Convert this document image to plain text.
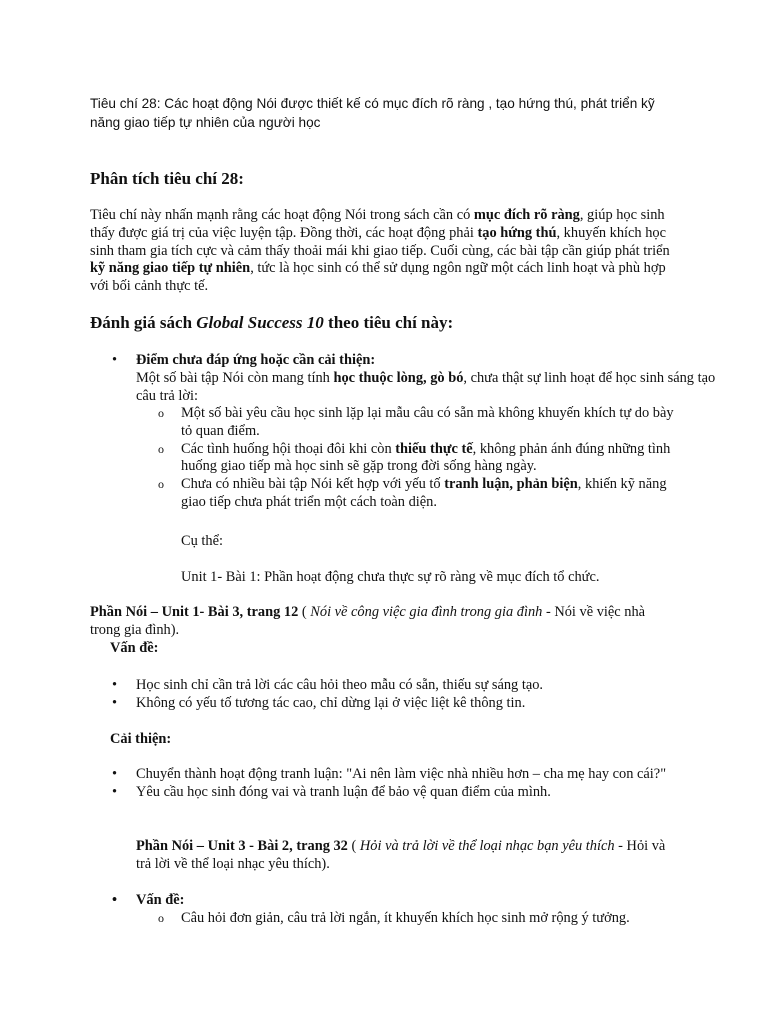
Tiêu chí 28: Các hoạt động Nói được thiết kế có mục đích rõ ràng , tạo hứng thú, phát triển kỹ năng giao tiếp tự nhiên của người học
Phân tích tiêu chí 28:
Tiêu chí này nhấn mạnh rằng các hoạt động Nói trong sách cần có mục đích rõ ràng, giúp học sinh thấy được giá trị của việc luyện tập. Đồng thời, các hoạt động phải tạo hứng thú, khuyến khích học sinh tham gia tích cực và cảm thấy thoải mái khi giao tiếp. Cuối cùng, các bài tập cần giúp phát triển kỹ năng giao tiếp tự nhiên, tức là học sinh có thể sử dụng ngôn ngữ một cách linh hoạt và phù hợp với bối cảnh thực tế.
Đánh giá sách Global Success 10 theo tiêu chí này:
• Điểm chưa đáp ứng hoặc cần cải thiện:
Một số bài tập Nói còn mang tính học thuộc lòng, gò bó, chưa thật sự linh hoạt để học sinh sáng tạo câu trả lời:
o Một số bài yêu cầu học sinh lặp lại mẫu câu có sẵn mà không khuyến khích tự do bày tỏ quan điểm.
o Các tình huống hội thoại đôi khi còn thiếu thực tế, không phản ánh đúng những tình huống giao tiếp mà học sinh sẽ gặp trong đời sống hàng ngày.
o Chưa có nhiều bài tập Nói kết hợp với yếu tố tranh luận, phản biện, khiến kỹ năng giao tiếp chưa phát triển một cách toàn diện.
Cụ thể:
Unit 1- Bài 1: Phần hoạt động chưa thực sự rõ ràng về mục đích tổ chức.
Phần Nói – Unit 1- Bài 3, trang 12 ( Nói về công việc gia đình trong gia đình - Nói về việc nhà trong gia đình).
Vấn đề:
• Học sinh chỉ cần trả lời các câu hỏi theo mẫu có sẵn, thiếu sự sáng tạo.
• Không có yếu tố tương tác cao, chỉ dừng lại ở việc liệt kê thông tin.
Cải thiện:
• Chuyển thành hoạt động tranh luận: "Ai nên làm việc nhà nhiều hơn – cha mẹ hay con cái?"
• Yêu cầu học sinh đóng vai và tranh luận để bảo vệ quan điểm của mình.
Phần Nói – Unit 3 - Bài 2, trang 32 ( Hỏi và trả lời về thể loại nhạc bạn yêu thích - Hỏi và trả lời về thể loại nhạc yêu thích).
• Vấn đề:
o Câu hỏi đơn giản, câu trả lời ngắn, ít khuyến khích học sinh mở rộng ý tưởng.
